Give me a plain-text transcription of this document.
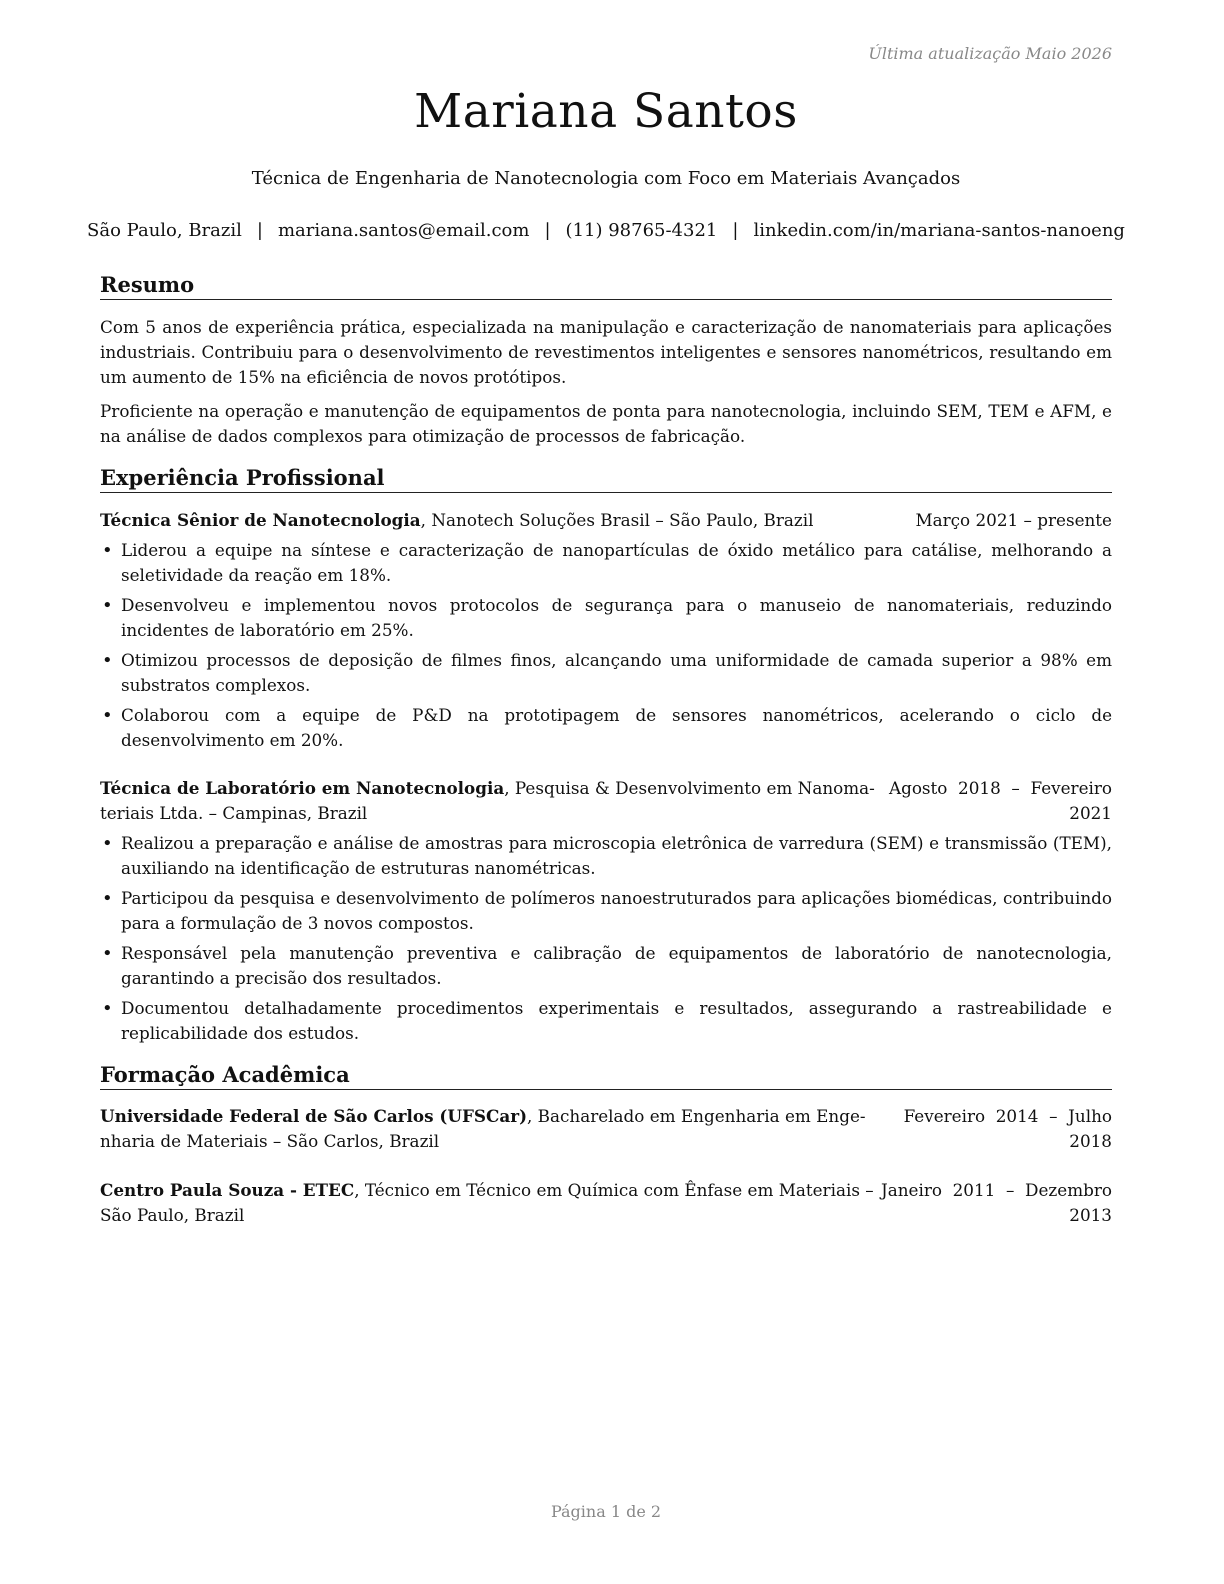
Última atualização Maio 2026
Mariana Santos
Técnica de Engenharia de Nanotecnologia com Foco em Materiais Avançados
São Paulo, Brazil | mariana.santos@email.com | (11) 98765-4321 | linkedin.com/in/mariana-santos-nanoeng
Resumo

Com 5 anos de experiência prática, especializada na manipulação e caracterização de nanomateriais para aplicações industriais. Contribuiu para o desenvolvimento de revestimentos inteligentes e sensores nanométricos, resultando em um aumento de 15% na eficiência de novos protótipos.

Proficiente na operação e manutenção de equipamentos de ponta para nanotecnologia, incluindo SEM, TEM e AFM, e na análise de dados complexos para otimização de processos de fabricação.

Experiência Profissional
Técnica Sênior de Nanotecnologia, Nanotech Soluções Brasil – São Paulo, Brazil	Março 2021 – presente
• Liderou a equipe na síntese e caracterização de nanopartículas de óxido metálico para catálise, melhorando a seletividade da reação em 18%.
• Desenvolveu e implementou novos protocolos de segurança para o manuseio de nanomateriais, reduzindo incidentes de laboratório em 25%.
• Otimizou processos de deposição de filmes finos, alcançando uma uniformidade de camada superior a 98% em substratos complexos.
• Colaborou com a equipe de P&D na prototipagem de sensores nanométricos, acelerando o ciclo de desenvolvimento em 20%.
Técnica de Laboratório em Nanotecnologia, Pesquisa & Desenvolvimento em Nanoma- Agosto  2018  –  Fevereiro
teriais Ltda. – Campinas, Brazil	2021
• Realizou a preparação e análise de amostras para microscopia eletrônica de varredura (SEM) e transmissão (TEM), auxiliando na identificação de estruturas nanométricas.
• Participou da pesquisa e desenvolvimento de polímeros nanoestruturados para aplicações biomédicas, contribuindo para a formulação de 3 novos compostos.
• Responsável pela manutenção preventiva e calibração de equipamentos de laboratório de nanotecnologia, garantindo a precisão dos resultados.
• Documentou detalhadamente procedimentos experimentais e resultados, assegurando a rastreabilidade e replicabilidade dos estudos.
Formação Acadêmica
Universidade Federal de São Carlos (UFSCar), Bacharelado em Engenharia em Enge- Fevereiro  2014  –  Julho
nharia de Materiais – São Carlos, Brazil	2018
Centro Paula Souza - ETEC, Técnico em Técnico em Química com Ênfase em Materiais – Janeiro  2011  –  Dezembro
São Paulo, Brazil	2013
Página 1 de 2
